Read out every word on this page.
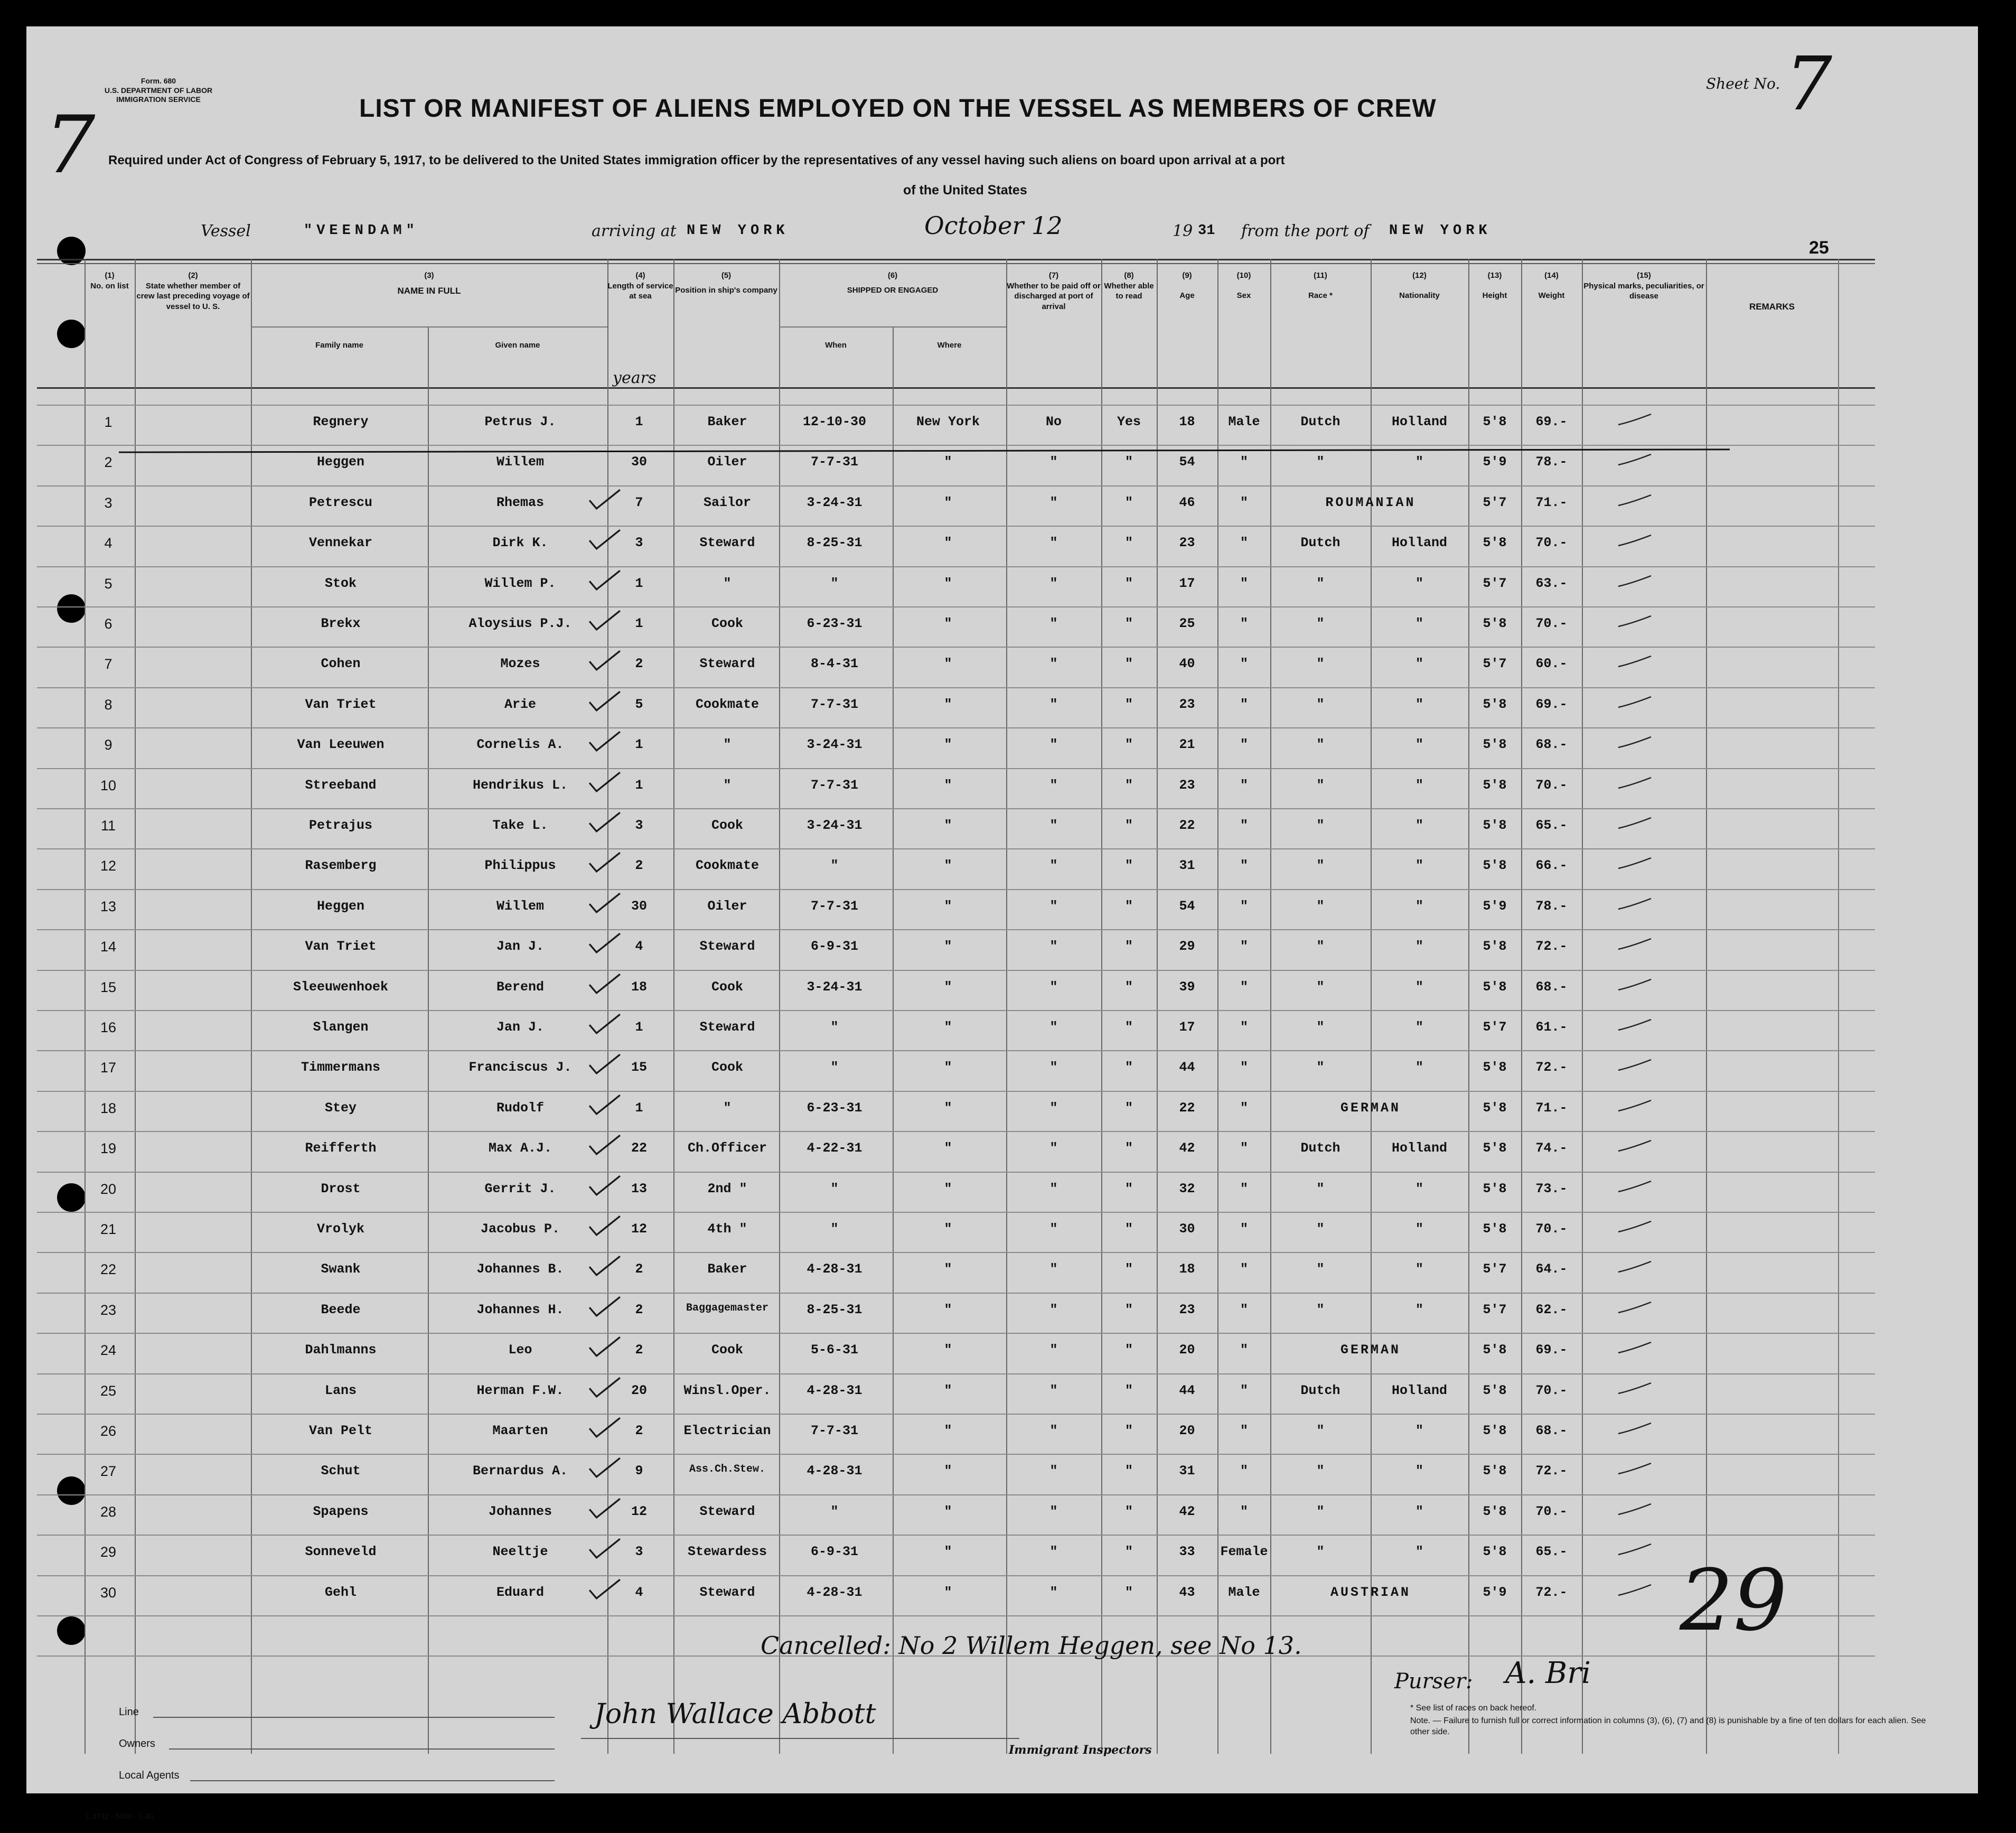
Form. 680
U.S. DEPARTMENT OF LABOR
IMMIGRATION SERVICE
7
Sheet No. 7
LIST OR MANIFEST OF ALIENS EMPLOYED ON THE VESSEL AS MEMBERS OF CREW
Required under Act of Congress of February 5, 1917, to be delivered to the United States immigration officer by the representatives of any vessel having such aliens on board upon arrival at a port
of the United States
Vessel	"VEENDAM"	arriving at NEW YORK	October 12	19 31 from the port of NEW YORK
25
(1)
No. on list
(2)
State whether member of crew last preceding voyage of vessel to U. S.
(3)
NAME IN FULL
Family name	Given name
(4)
Length of service at sea
years
(5)
Position in ship's company
(6)
SHIPPED OR ENGAGED
When	Where
(7)
Whether to be paid off or discharged at port of arrival
(8)
Whether able to read
(9)
Age
(10)
Sex
(11)
Race *
(12)
Nationality
(13)
Height
(14)
Weight
(15)
Physical marks, peculiarities, or disease
REMARKS
1	Regnery	Petrus J.	1	Baker	12-10-30	New York	No	Yes	18	Male	Dutch	Holland	5'8	69.-
2	Heggen	Willem	30	Oiler	7-7-31	"	"	"	54	"	"	"	5'9	78.-
3	Petrescu	Rhemas	7	Sailor	3-24-31	"	"	"	46	"	ROUMANIAN	5'7	71.-
4	Vennekar	Dirk K.	3	Steward	8-25-31	"	"	"	23	"	Dutch	Holland	5'8	70.-
5	Stok	Willem P.	1	"	"	"	"	"	17	"	"	"	5'7	63.-
6	Brekx	Aloysius P.J.	1	Cook	6-23-31	"	"	"	25	"	"	"	5'8	70.-
7	Cohen	Mozes	2	Steward	8-4-31	"	"	"	40	"	"	"	5'7	60.-
8	Van Triet	Arie	5	Cookmate	7-7-31	"	"	"	23	"	"	"	5'8	69.-
9	Van Leeuwen	Cornelis A.	1	"	3-24-31	"	"	"	21	"	"	"	5'8	68.-
10	Streeband	Hendrikus L.	1	"	7-7-31	"	"	"	23	"	"	"	5'8	70.-
11	Petrajus	Take L.	3	Cook	3-24-31	"	"	"	22	"	"	"	5'8	65.-
12	Rasemberg	Philippus	2	Cookmate	"	"	"	"	31	"	"	"	5'8	66.-
13	Heggen	Willem	30	Oiler	7-7-31	"	"	"	54	"	"	"	5'9	78.-
14	Van Triet	Jan J.	4	Steward	6-9-31	"	"	"	29	"	"	"	5'8	72.-
15	Sleeuwenhoek	Berend	18	Cook	3-24-31	"	"	"	39	"	"	"	5'8	68.-
16	Slangen	Jan J.	1	Steward	"	"	"	"	17	"	"	"	5'7	61.-
17	Timmermans	Franciscus J.	15	Cook	"	"	"	"	44	"	"	"	5'8	72.-
18	Stey	Rudolf	1	"	6-23-31	"	"	"	22	"	GERMAN	5'8	71.-
19	Reifferth	Max A.J.	22	Ch.Officer	4-22-31	"	"	"	42	"	Dutch	Holland	5'8	74.-
20	Drost	Gerrit J.	13	2nd "	"	"	"	"	32	"	"	"	5'8	73.-
21	Vrolyk	Jacobus P.	12	4th "	"	"	"	"	30	"	"	"	5'8	70.-
22	Swank	Johannes B.	2	Baker	4-28-31	"	"	"	18	"	"	"	5'7	64.-
23	Beede	Johannes H.	2	Baggagemaster	8-25-31	"	"	"	23	"	"	"	5'7	62.-
24	Dahlmanns	Leo	2	Cook	5-6-31	"	"	"	20	"	GERMAN	5'8	69.-
25	Lans	Herman F.W.	20	Winsl.Oper.	4-28-31	"	"	"	44	"	Dutch	Holland	5'8	70.-
26	Van Pelt	Maarten	2	Electrician	7-7-31	"	"	"	20	"	"	"	5'8	68.-
27	Schut	Bernardus A.	9	Ass.Ch.Stew.	4-28-31	"	"	"	31	"	"	"	5'8	72.-
28	Spapens	Johannes	12	Steward	"	"	"	"	42	"	"	"	5'8	70.-
29	Sonneveld	Neeltje	3	Stewardess	6-9-31	"	"	"	33	Female	"	"	5'8	65.-
30	Gehl	Eduard	4	Steward	4-28-31	"	"	"	43	Male	AUSTRIAN	5'9	72.-
Cancelled: No 2 Willem Heggen, see No 13.
Purser: A. Bri
29
Line
Owners
Local Agents
John Wallace Abbott
Immigrant Inspectors
* See list of races on back hereof.
Note. — Failure to furnish full or correct information in columns (3), (6), (7) and (8) is punishable by a fine of ten dollars for each alien. See other side.
T. 3732 - 5000 - 1-30.
